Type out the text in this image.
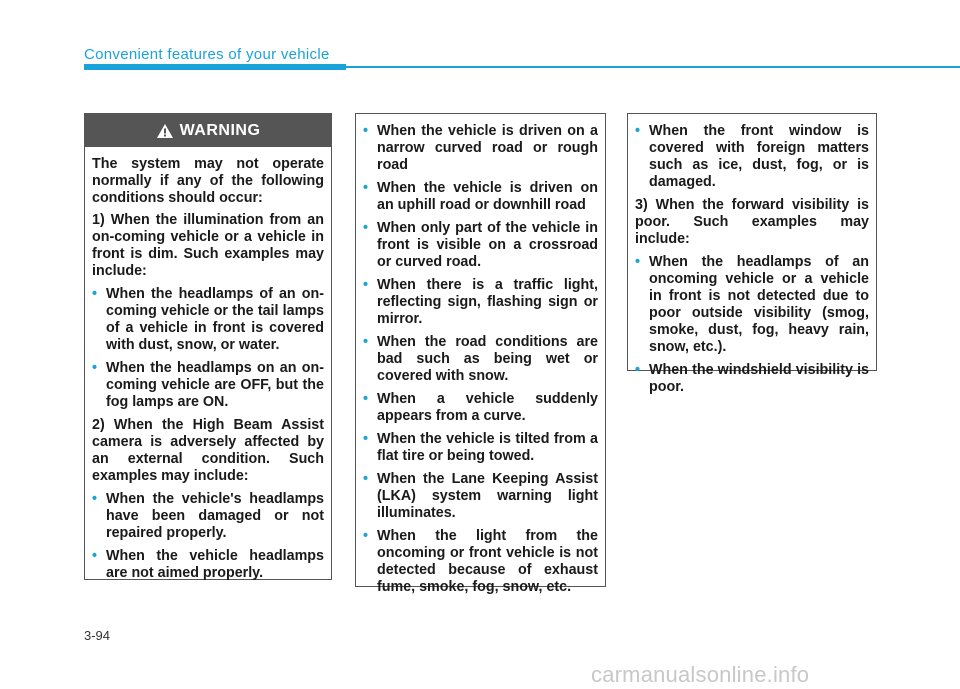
Convenient features of your vehicle
WARNING

The system may not operate normally if any of the following conditions should occur:

1) When the illumination from an on-coming vehicle or a vehicle in front is dim. Such examples may include:
• When the headlamps of an on-coming vehicle or the tail lamps of a vehicle in front is covered with dust, snow, or water.
• When the headlamps on an on-coming vehicle are OFF, but the fog lamps are ON.
2) When the High Beam Assist camera is adversely affected by an external condition. Such examples may include:
• When the vehicle's headlamps have been damaged or not repaired properly.
• When the vehicle headlamps are not aimed properly.
• When the vehicle is driven on a narrow curved road or rough road
• When the vehicle is driven on an uphill road or downhill road
• When only part of the vehicle in front is visible on a crossroad or curved road.
• When there is a traffic light, reflecting sign, flashing sign or mirror.
• When the road conditions are bad such as being wet or covered with snow.
• When a vehicle suddenly appears from a curve.
• When the vehicle is tilted from a flat tire or being towed.
• When the Lane Keeping Assist (LKA) system warning light illuminates.
• When the light from the oncoming or front vehicle is not detected because of exhaust fume, smoke, fog, snow, etc.
• When the front window is covered with foreign matters such as ice, dust, fog, or is damaged.
3) When the forward visibility is poor. Such examples may include:
• When the headlamps of an oncoming vehicle or a vehicle in front is not detected due to poor outside visibility (smog, smoke, dust, fog, heavy rain, snow, etc.).
• When the windshield visibility is poor.
3-94
carmanualsonline.info
